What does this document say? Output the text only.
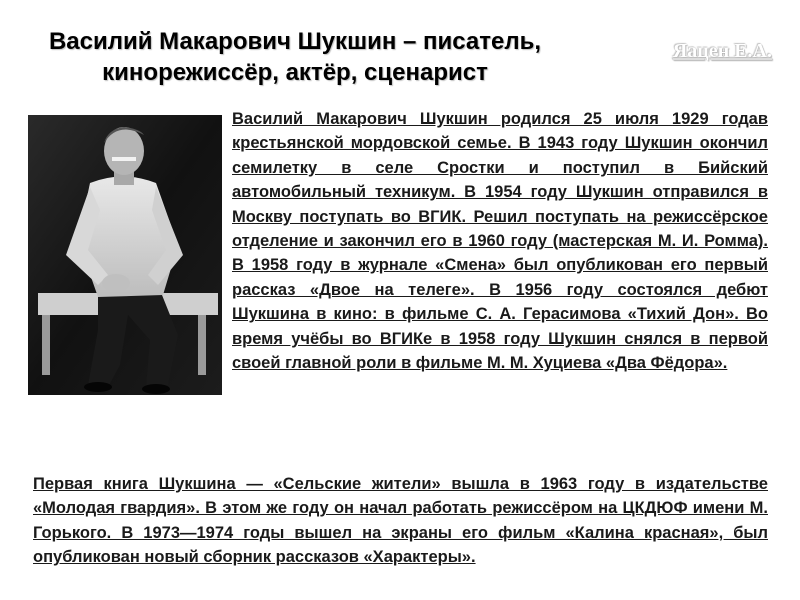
Василий Макарович Шукшин – писатель,
кинорежиссёр, актёр, сценарист
Яацен Е.А.
Василий Макарович Шукшин родился 25 июля 1929 годав крестьянской мордовской семье. В 1943 году Шукшин окончил семилетку в селе Сростки и поступил в Бийский автомобильный техникум. В 1954 году Шукшин отправился в Москву поступать во ВГИК. Решил поступать на режиссёрское отделение и закончил его в 1960 году (мастерская М. И. Ромма). В 1958 году в журнале «Смена» был опубликован его первый рассказ «Двое на телеге». В 1956 году состоялся дебют Шукшина в кино: в фильме С. А. Герасимова «Тихий Дон». Во время учёбы во ВГИКе в 1958 году Шукшин снялся в первой своей главной роли в фильме М. М. Хуциева «Два Фёдора».
Первая книга Шукшина — «Сельские жители» вышла в 1963 году в издательстве «Молодая гвардия». В этом же году он начал работать режиссёром на ЦКДЮФ имени М. Горького. В 1973—1974 годы вышел на экраны его фильм «Калина красная», был опубликован новый сборник рассказов «Характеры».
